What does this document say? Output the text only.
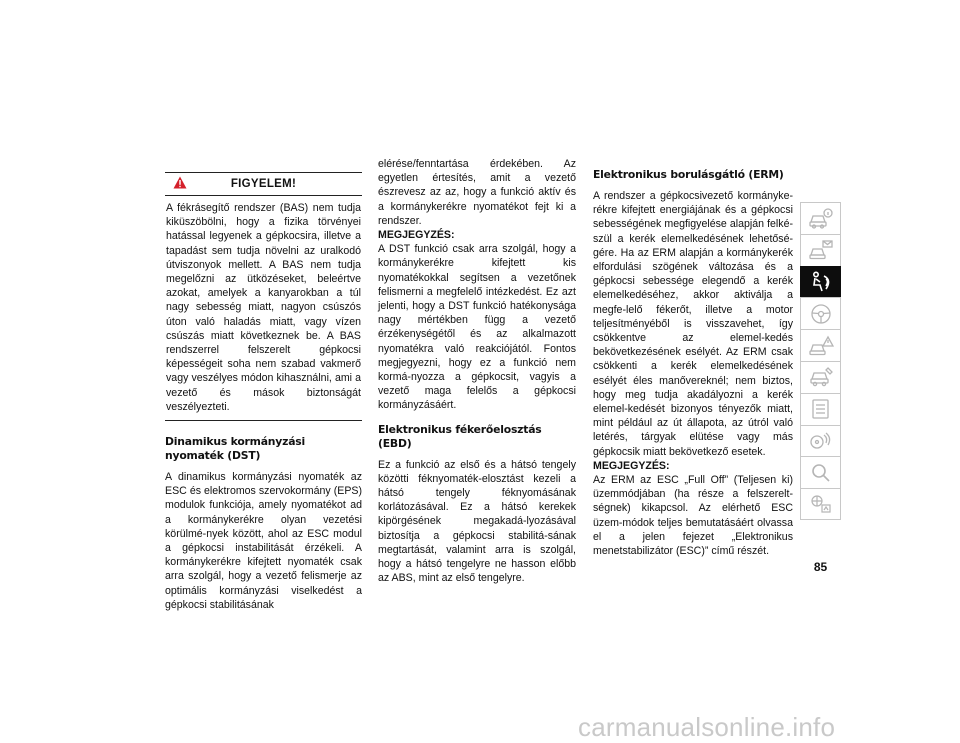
FIGYELEM!

A fékrásegítő rendszer (BAS) nem tudja kiküszöbölni, hogy a fizika törvényei hatással legyenek a gépkocsira, illetve a tapadást sem tudja növelni az uralkodó útviszonyok mellett. A BAS nem tudja megelőzni az ütközéseket, beleértve azokat, amelyek a kanyarokban a túl nagy sebesség miatt, nagyon csúszós úton való haladás miatt, vagy vízen csúszás miatt következnek be. A BAS rendszerrel felszerelt gépkocsi képességeit soha nem szabad vakmerő vagy veszélyes módon kihasználni, ami a vezető és mások biztonságát veszélyezteti.

Dinamikus kormányzási nyomaték (DST)

A dinamikus kormányzási nyomaték az ESC és elektromos szervokormány (EPS) modulok funkciója, amely nyomatékot ad a kormánykerékre olyan vezetési körülmé-nyek között, ahol az ESC modul a gépkocsi instabilitását érzékeli. A kormánykerékre kifejtett nyomaték csak arra szolgál, hogy a vezető felismerje az optimális kormányzási viselkedést a gépkocsi stabilitásának

elérése/fenntartása érdekében. Az egyetlen értesítés, amit a vezető észrevesz az az, hogy a funkció aktív és a kormánykerékre nyomatékot fejt ki a rendszer.

MEGJEGYZÉS:

A DST funkció csak arra szolgál, hogy a kormánykerékre kifejtett kis nyomatékokkal segítsen a vezetőnek felismerni a megfelelő intézkedést. Ez azt jelenti, hogy a DST funkció hatékonysága nagy mértékben függ a vezető érzékenységétől és az alkalmazott nyomatékra való reakciójától. Fontos megjegyezni, hogy ez a funkció nem kormá-nyozza a gépkocsit, vagyis a vezető maga felelős a gépkocsi kormányzásáért.

Elektronikus fékerőelosztás (EBD)

Ez a funkció az első és a hátsó tengely közötti féknyomaték-elosztást kezeli a hátsó tengely féknyomásának korlátozásával. Ez a hátsó kerekek kipörgésének megakadá-lyozásával biztosítja a gépkocsi stabilitá-sának megtartását, valamint arra is szolgál, hogy a hátsó tengelyre ne hasson előbb az ABS, mint az első tengelyre.

Elektronikus borulásgátló (ERM)

A rendszer a gépkocsivezető kormányke-rékre kifejtett energiájának és a gépkocsi sebességének megfigyelése alapján felké-szül a kerék elemelkedésének lehetősé-gére. Ha az ERM alapján a kormánykerék elfordulási szögének változása és a gépkocsi sebessége elegendő a kerék elemelkedéséhez, akkor aktiválja a megfe-lelő fékerőt, illetve a motor teljesítményéből is visszavehet, így csökkentve az elemel-kedés bekövetkezésének esélyét. Az ERM csak csökkenti a kerék elemelkedésének esélyét éles manővereknél; nem biztos, hogy meg tudja akadályozni a kerék elemel-kedését bizonyos tényezők miatt, mint például az út állapota, az útról való letérés, tárgyak elütése vagy más gépkocsik miatt bekövetkező esetek.

MEGJEGYZÉS:

Az ERM az ESC „Full Off” (Teljesen ki) üzemmódjában (ha része a felszerelt-ségnek) kikapcsol. Az elérhető ESC üzem-módok teljes bemutatásáért olvassa el a jelen fejezet „Elektronikus menetstabilizátor (ESC)” című részét.

85
carmanualsonline.info
